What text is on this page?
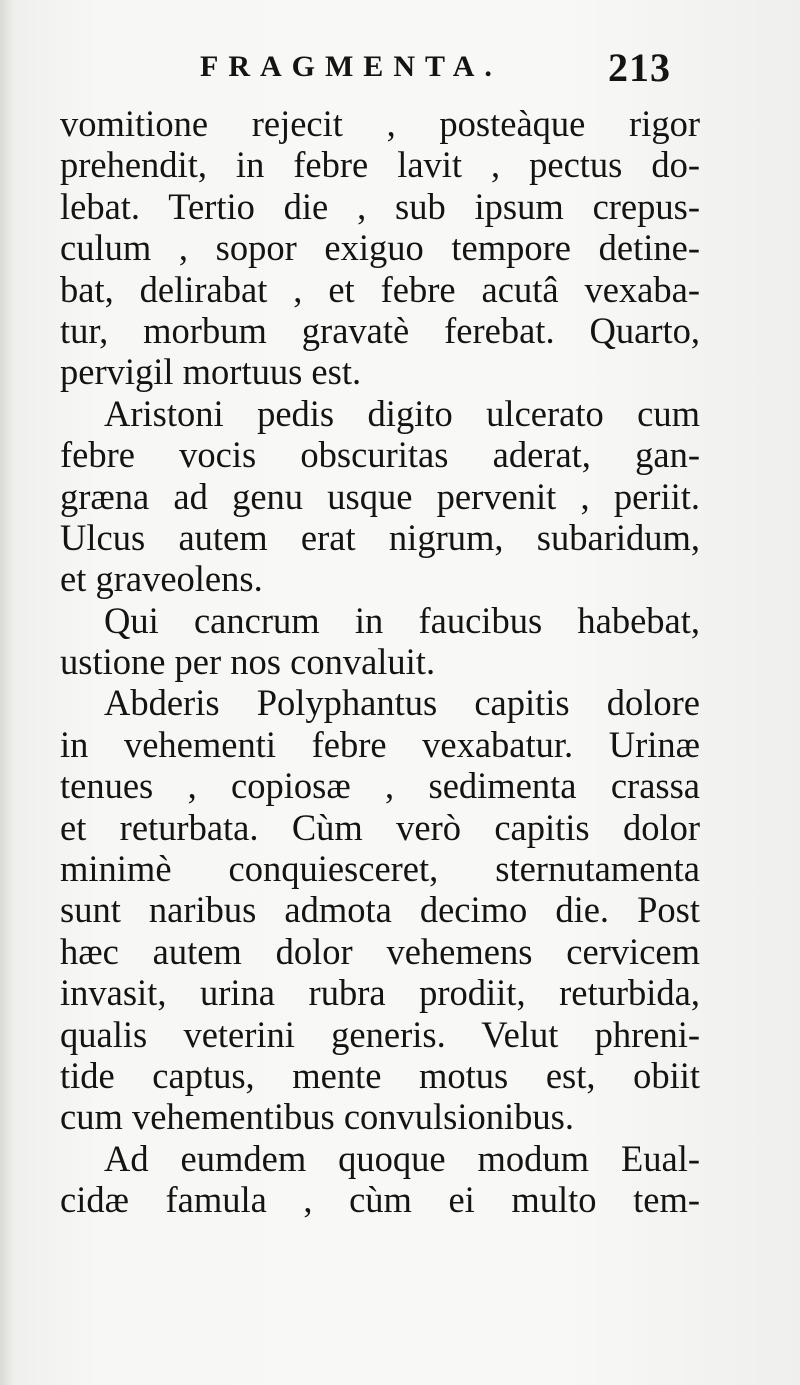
FRAGMENTA.	213
vomitione rejecit , posteàque rigor
prehendit, in febre lavit , pectus do-
lebat. Tertio die , sub ipsum crepus-
culum , sopor exiguo tempore detine-
bat, delirabat , et febre acutâ vexaba-
tur, morbum gravatè ferebat. Quarto,
pervigil mortuus est.
Aristoni pedis digito ulcerato cum
febre vocis obscuritas aderat, gan-
græna ad genu usque pervenit , periit.
Ulcus autem erat nigrum, subaridum,
et graveolens.
Qui cancrum in faucibus habebat,
ustione per nos convaluit.
Abderis Polyphantus capitis dolore
in vehementi febre vexabatur. Urinæ
tenues , copiosæ , sedimenta crassa
et returbata. Cùm verò capitis dolor
minimè conquiesceret, sternutamenta
sunt naribus admota decimo die. Post
hæc autem dolor vehemens cervicem
invasit, urina rubra prodiit, returbida,
qualis veterini generis. Velut phreni-
tide captus, mente motus est, obiit
cum vehementibus convulsionibus.
Ad eumdem quoque modum Eual-
cidæ famula , cùm ei multo tem-
